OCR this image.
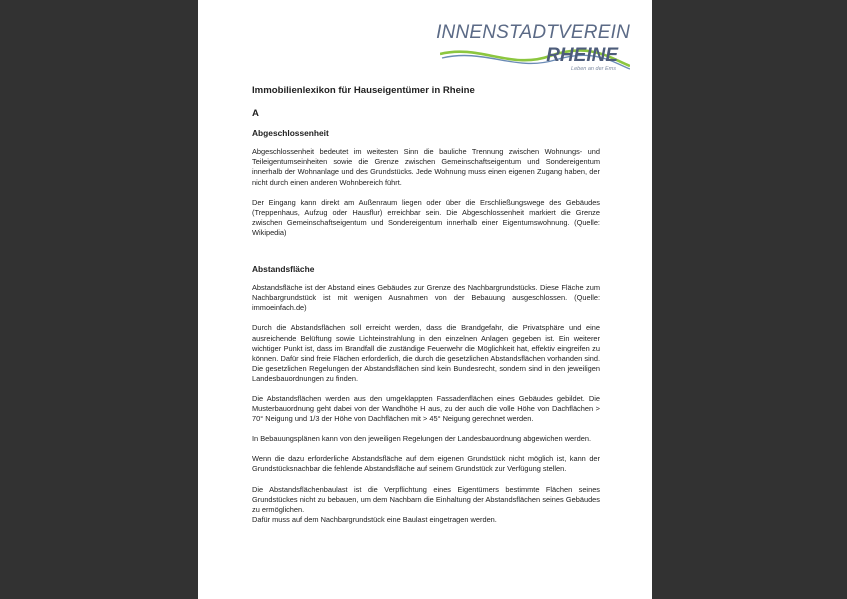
INNENSTADTVEREIN
RHEINE
Leben an der Ems
Immobilienlexikon für Hauseigentümer in Rheine
A
Abgeschlossenheit

Abgeschlossenheit bedeutet im weitesten Sinn die bauliche Trennung zwischen Wohnungs- und Teileigentumseinheiten sowie die Grenze zwischen Gemeinschaftseigentum und Sondereigentum innerhalb der Wohnanlage und des Grundstücks. Jede Wohnung muss einen eigenen Zugang haben, der nicht durch einen anderen Wohnbereich führt.

Der Eingang kann direkt am Außenraum liegen oder über die Erschließungswege des Gebäudes (Treppenhaus, Aufzug oder Hausflur) erreichbar sein. Die Abgeschlossenheit markiert die Grenze zwischen Gemeinschaftseigentum und Sondereigentum innerhalb einer Eigentumswohnung. (Quelle: Wikipedia)

Abstandsfläche

Abstandsfläche ist der Abstand eines Gebäudes zur Grenze des Nachbargrundstücks. Diese Fläche zum Nachbargrundstück ist mit wenigen Ausnahmen von der Bebauung ausgeschlossen. (Quelle: immoeinfach.de)

Durch die Abstandsflächen soll erreicht werden, dass die Brandgefahr, die Privatsphäre und eine ausreichende Belüftung sowie Lichteinstrahlung in den einzelnen Anlagen gegeben ist. Ein weiterer wichtiger Punkt ist, dass im Brandfall die zuständige Feuerwehr die Möglichkeit hat, effektiv eingreifen zu können. Dafür sind freie Flächen erforderlich, die durch die gesetzlichen Abstandsflächen vorhanden sind. Die gesetzlichen Regelungen der Abstandsflächen sind kein Bundesrecht, sondern sind in den jeweiligen Landesbauordnungen zu finden.

Die Abstandsflächen werden aus den umgeklappten Fassadenflächen eines Gebäudes gebildet. Die Musterbauordnung geht dabei von der Wandhöhe H aus, zu der auch die volle Höhe von Dachflächen > 70° Neigung und 1/3 der Höhe von Dachflächen mit > 45° Neigung gerechnet werden.

In Bebauungsplänen kann von den jeweiligen Regelungen der Landesbauordnung abgewichen werden.

Wenn die dazu erforderliche Abstandsfläche auf dem eigenen Grundstück nicht möglich ist, kann der Grundstücksnachbar die fehlende Abstandsfläche auf seinem Grundstück zur Verfügung stellen.

Die Abstandsflächenbaulast ist die Verpflichtung eines Eigentümers bestimmte Flächen seines Grundstückes nicht zu bebauen, um dem Nachbarn die Einhaltung der Abstandsflächen seines Gebäudes zu ermöglichen.

Dafür muss auf dem Nachbargrundstück eine Baulast eingetragen werden.
